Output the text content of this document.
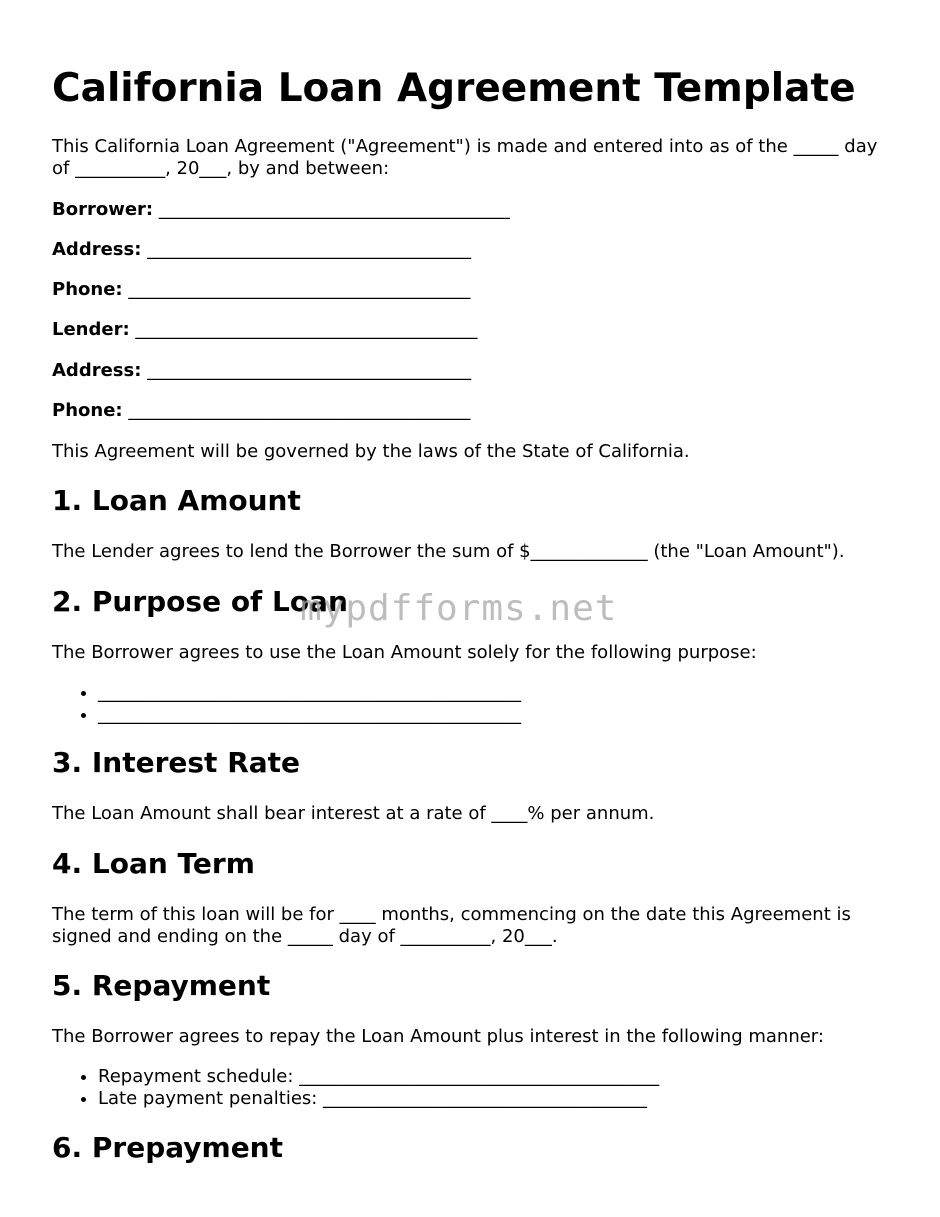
California Loan Agreement Template

This California Loan Agreement ("Agreement") is made and entered into as of the _____ day of __________, 20___, by and between:

Borrower: _______________________________________
Address: ____________________________________
Phone: ______________________________________
Lender: ______________________________________
Address: ____________________________________
Phone: ______________________________________

This Agreement will be governed by the laws of the State of California.

1. Loan Amount

The Lender agrees to lend the Borrower the sum of $_____________ (the "Loan Amount").

2. Purpose of Loan

The Borrower agrees to use the Loan Amount solely for the following purpose:

• _______________________________________________
• _______________________________________________
3. Interest Rate

The Loan Amount shall bear interest at a rate of ____% per annum.

4. Loan Term

The term of this loan will be for ____ months, commencing on the date this Agreement is signed and ending on the _____ day of __________, 20___.

5. Repayment

The Borrower agrees to repay the Loan Amount plus interest in the following manner:

• Repayment schedule: ________________________________________
• Late payment penalties: ____________________________________
6. Prepayment
mypdfforms.net
